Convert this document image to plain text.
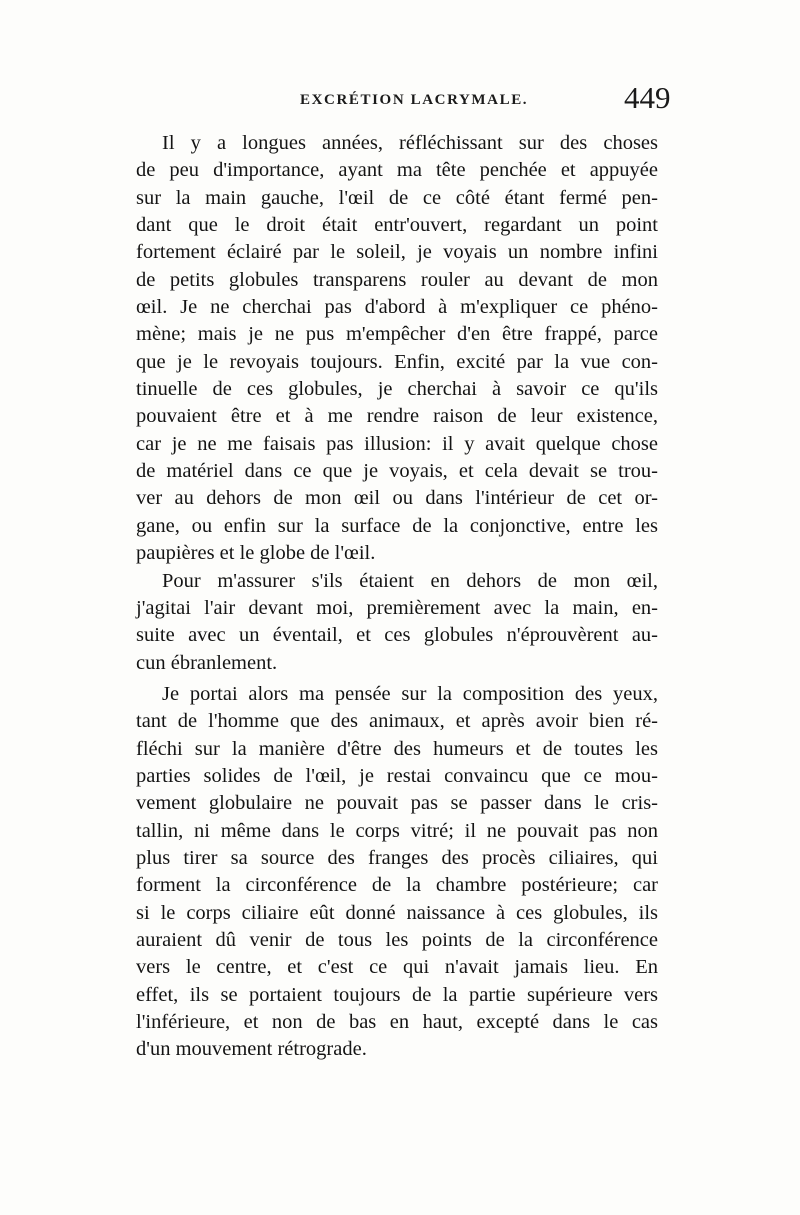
EXCRÉTION LACRYMALE.	449
Il y a longues années, réfléchissant sur des choses
de peu d'importance, ayant ma tête penchée et appuyée
sur la main gauche, l'œil de ce côté étant fermé pen-
dant que le droit était entr'ouvert, regardant un point
fortement éclairé par le soleil, je voyais un nombre infini
de petits globules transparens rouler au devant de mon
œil. Je ne cherchai pas d'abord à m'expliquer ce phéno-
mène; mais je ne pus m'empêcher d'en être frappé, parce
que je le revoyais toujours. Enfin, excité par la vue con-
tinuelle de ces globules, je cherchai à savoir ce qu'ils
pouvaient être et à me rendre raison de leur existence,
car je ne me faisais pas illusion: il y avait quelque chose
de matériel dans ce que je voyais, et cela devait se trou-
ver au dehors de mon œil ou dans l'intérieur de cet or-
gane, ou enfin sur la surface de la conjonctive, entre les
paupières et le globe de l'œil.
Pour m'assurer s'ils étaient en dehors de mon œil,
j'agitai l'air devant moi, premièrement avec la main, en-
suite avec un éventail, et ces globules n'éprouvèrent au-
cun ébranlement.
Je portai alors ma pensée sur la composition des yeux,
tant de l'homme que des animaux, et après avoir bien ré-
fléchi sur la manière d'être des humeurs et de toutes les
parties solides de l'œil, je restai convaincu que ce mou-
vement globulaire ne pouvait pas se passer dans le cris-
tallin, ni même dans le corps vitré; il ne pouvait pas non
plus tirer sa source des franges des procès ciliaires, qui
forment la circonférence de la chambre postérieure; car
si le corps ciliaire eût donné naissance à ces globules, ils
auraient dû venir de tous les points de la circonférence
vers le centre, et c'est ce qui n'avait jamais lieu. En
effet, ils se portaient toujours de la partie supérieure vers
l'inférieure, et non de bas en haut, excepté dans le cas
d'un mouvement rétrograde.
